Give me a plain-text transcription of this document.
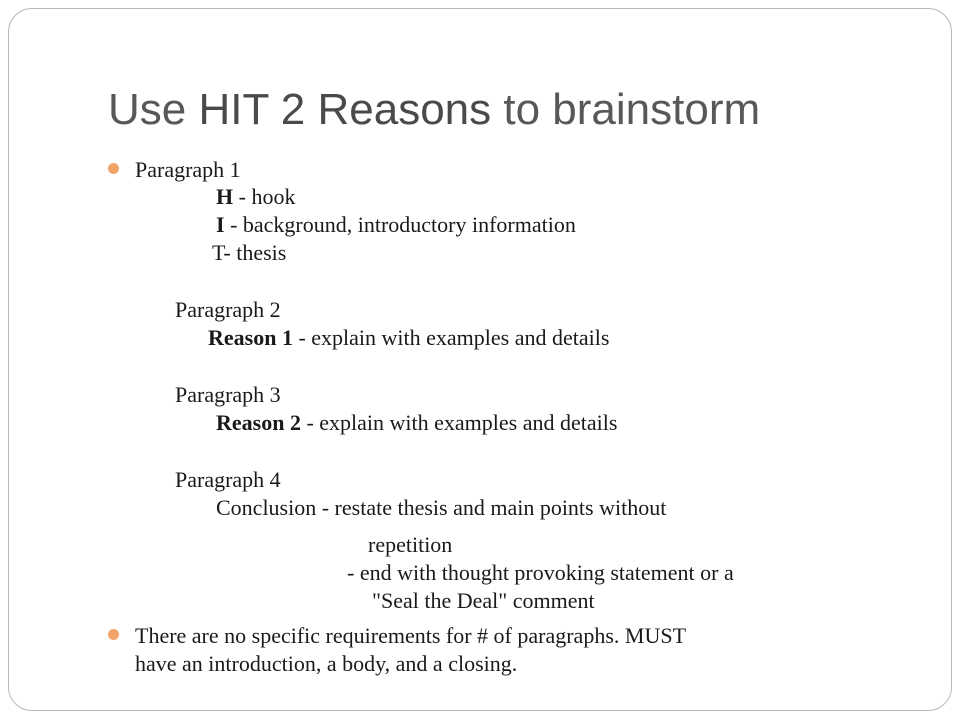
Use HIT 2 Reasons to brainstorm
Paragraph 1
H - hook
I - background, introductory information
T- thesis
Paragraph 2
Reason 1 - explain with examples and details
Paragraph 3
Reason 2 - explain with examples and details
Paragraph 4
Conclusion - restate thesis and main points without
repetition
- end with thought provoking statement or a
"Seal the Deal" comment
There are no specific requirements for # of paragraphs. MUST
have an introduction, a body, and a closing.
